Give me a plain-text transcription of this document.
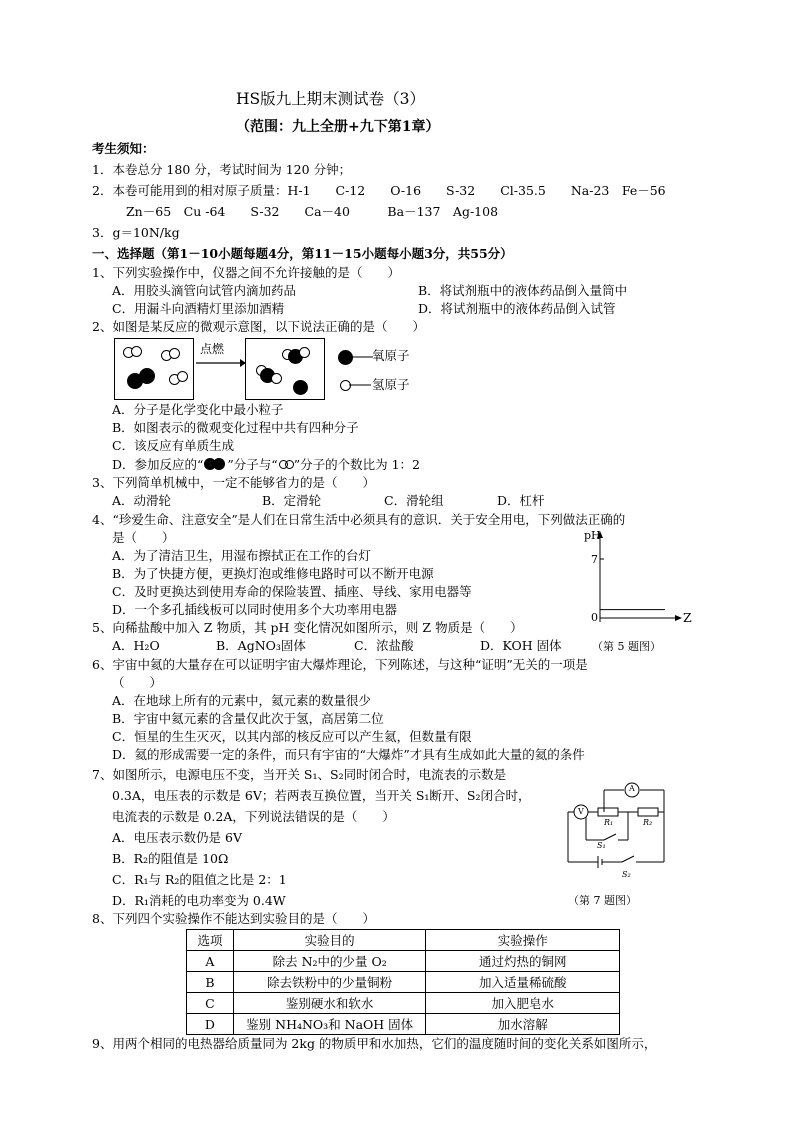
HS版九上期末测试卷（3）
（范围：九上全册+九下第1章）
考生须知：
1．本卷总分 180 分，考试时间为 120 分钟；
2．本卷可能用到的相对原子质量：H-1　　C-12　　O-16　　S-32　　Cl-35.5　　Na-23　Fe－56
Zn－65　Cu -64　　S-32　　Ca－40　　　Ba－137　Ag-108
3．g＝10N/kg
一、选择题（第1－10小题每题4分，第11－15小题每小题3分，共55分）
1、下列实验操作中，仪器之间不允许接触的是（　　）
A．用胶头滴管向试管内滴加药品	B．将试剂瓶中的液体药品倒入量筒中
C．用漏斗向酒精灯里添加酒精	D．将试剂瓶中的液体药品倒入试管
2、如图是某反应的微观示意图，以下说法正确的是（　　）
点燃	氧原子
氢原子
A．分子是化学变化中最小粒子
B．如图表示的微观变化过程中共有四种分子
C．该反应有单质生成
D．参加反应的“ ”分子与“ ”分子的个数比为 1：2
3、下列简单机械中，一定不能够省力的是（　　）
A．动滑轮	B．定滑轮	C．滑轮组	D．杠杆
4、“珍爱生命、注意安全”是人们在日常生活中必须具有的意识．关于安全用电，下列做法正确的
是（　　）
A．为了清洁卫生，用湿布擦拭正在工作的台灯
B．为了快捷方便，更换灯泡或维修电路时可以不断开电源
C．及时更换达到使用寿命的保险装置、插座、导线、家用电器等
D．一个多孔插线板可以同时使用多个大功率用电器
pH
7
0	Z
5、向稀盐酸中加入 Z 物质，其 pH 变化情况如图所示，则 Z 物质是（　　）
A．H₂O	B．AgNO₃固体	C．浓盐酸	D．KOH 固体	（第 5 题图）
6、宇宙中氦的大量存在可以证明宇宙大爆炸理论，下列陈述，与这种“证明”无关的一项是
（　　）
A．在地球上所有的元素中，氦元素的数量很少
B．宇宙中氦元素的含量仅此次于氢，高居第二位
C．恒星的生生灭灭，以其内部的核反应可以产生氦，但数量有限
D．氦的形成需要一定的条件，而只有宇宙的“大爆炸”才具有生成如此大量的氦的条件
7、如图所示，电源电压不变，当开关 S₁、S₂同时闭合时，电流表的示数是
0.3A，电压表的示数是 6V；若两表互换位置，当开关 S₁断开、S₂闭合时，
电流表的示数是 0.2A，下列说法错误的是（　　）
A．电压表示数仍是 6V
B．R₂的阻值是 10Ω
C．R₁与 R₂的阻值之比是 2：1
D．R₁消耗的电功率变为 0.4W
A
V
R₁	R₂
S₁
S₂
（第 7 题图）
8、下列四个实验操作不能达到实验目的是（　　）
选项	实验目的	实验操作
A	除去 N₂中的少量 O₂	通过灼热的铜网
B	除去铁粉中的少量铜粉	加入适量稀硫酸
C	鉴别硬水和软水	加入肥皂水
D	鉴别 NH₄NO₃和 NaOH 固体	加水溶解
9、用两个相同的电热器给质量同为 2kg 的物质甲和水加热，它们的温度随时间的变化关系如图所示，
